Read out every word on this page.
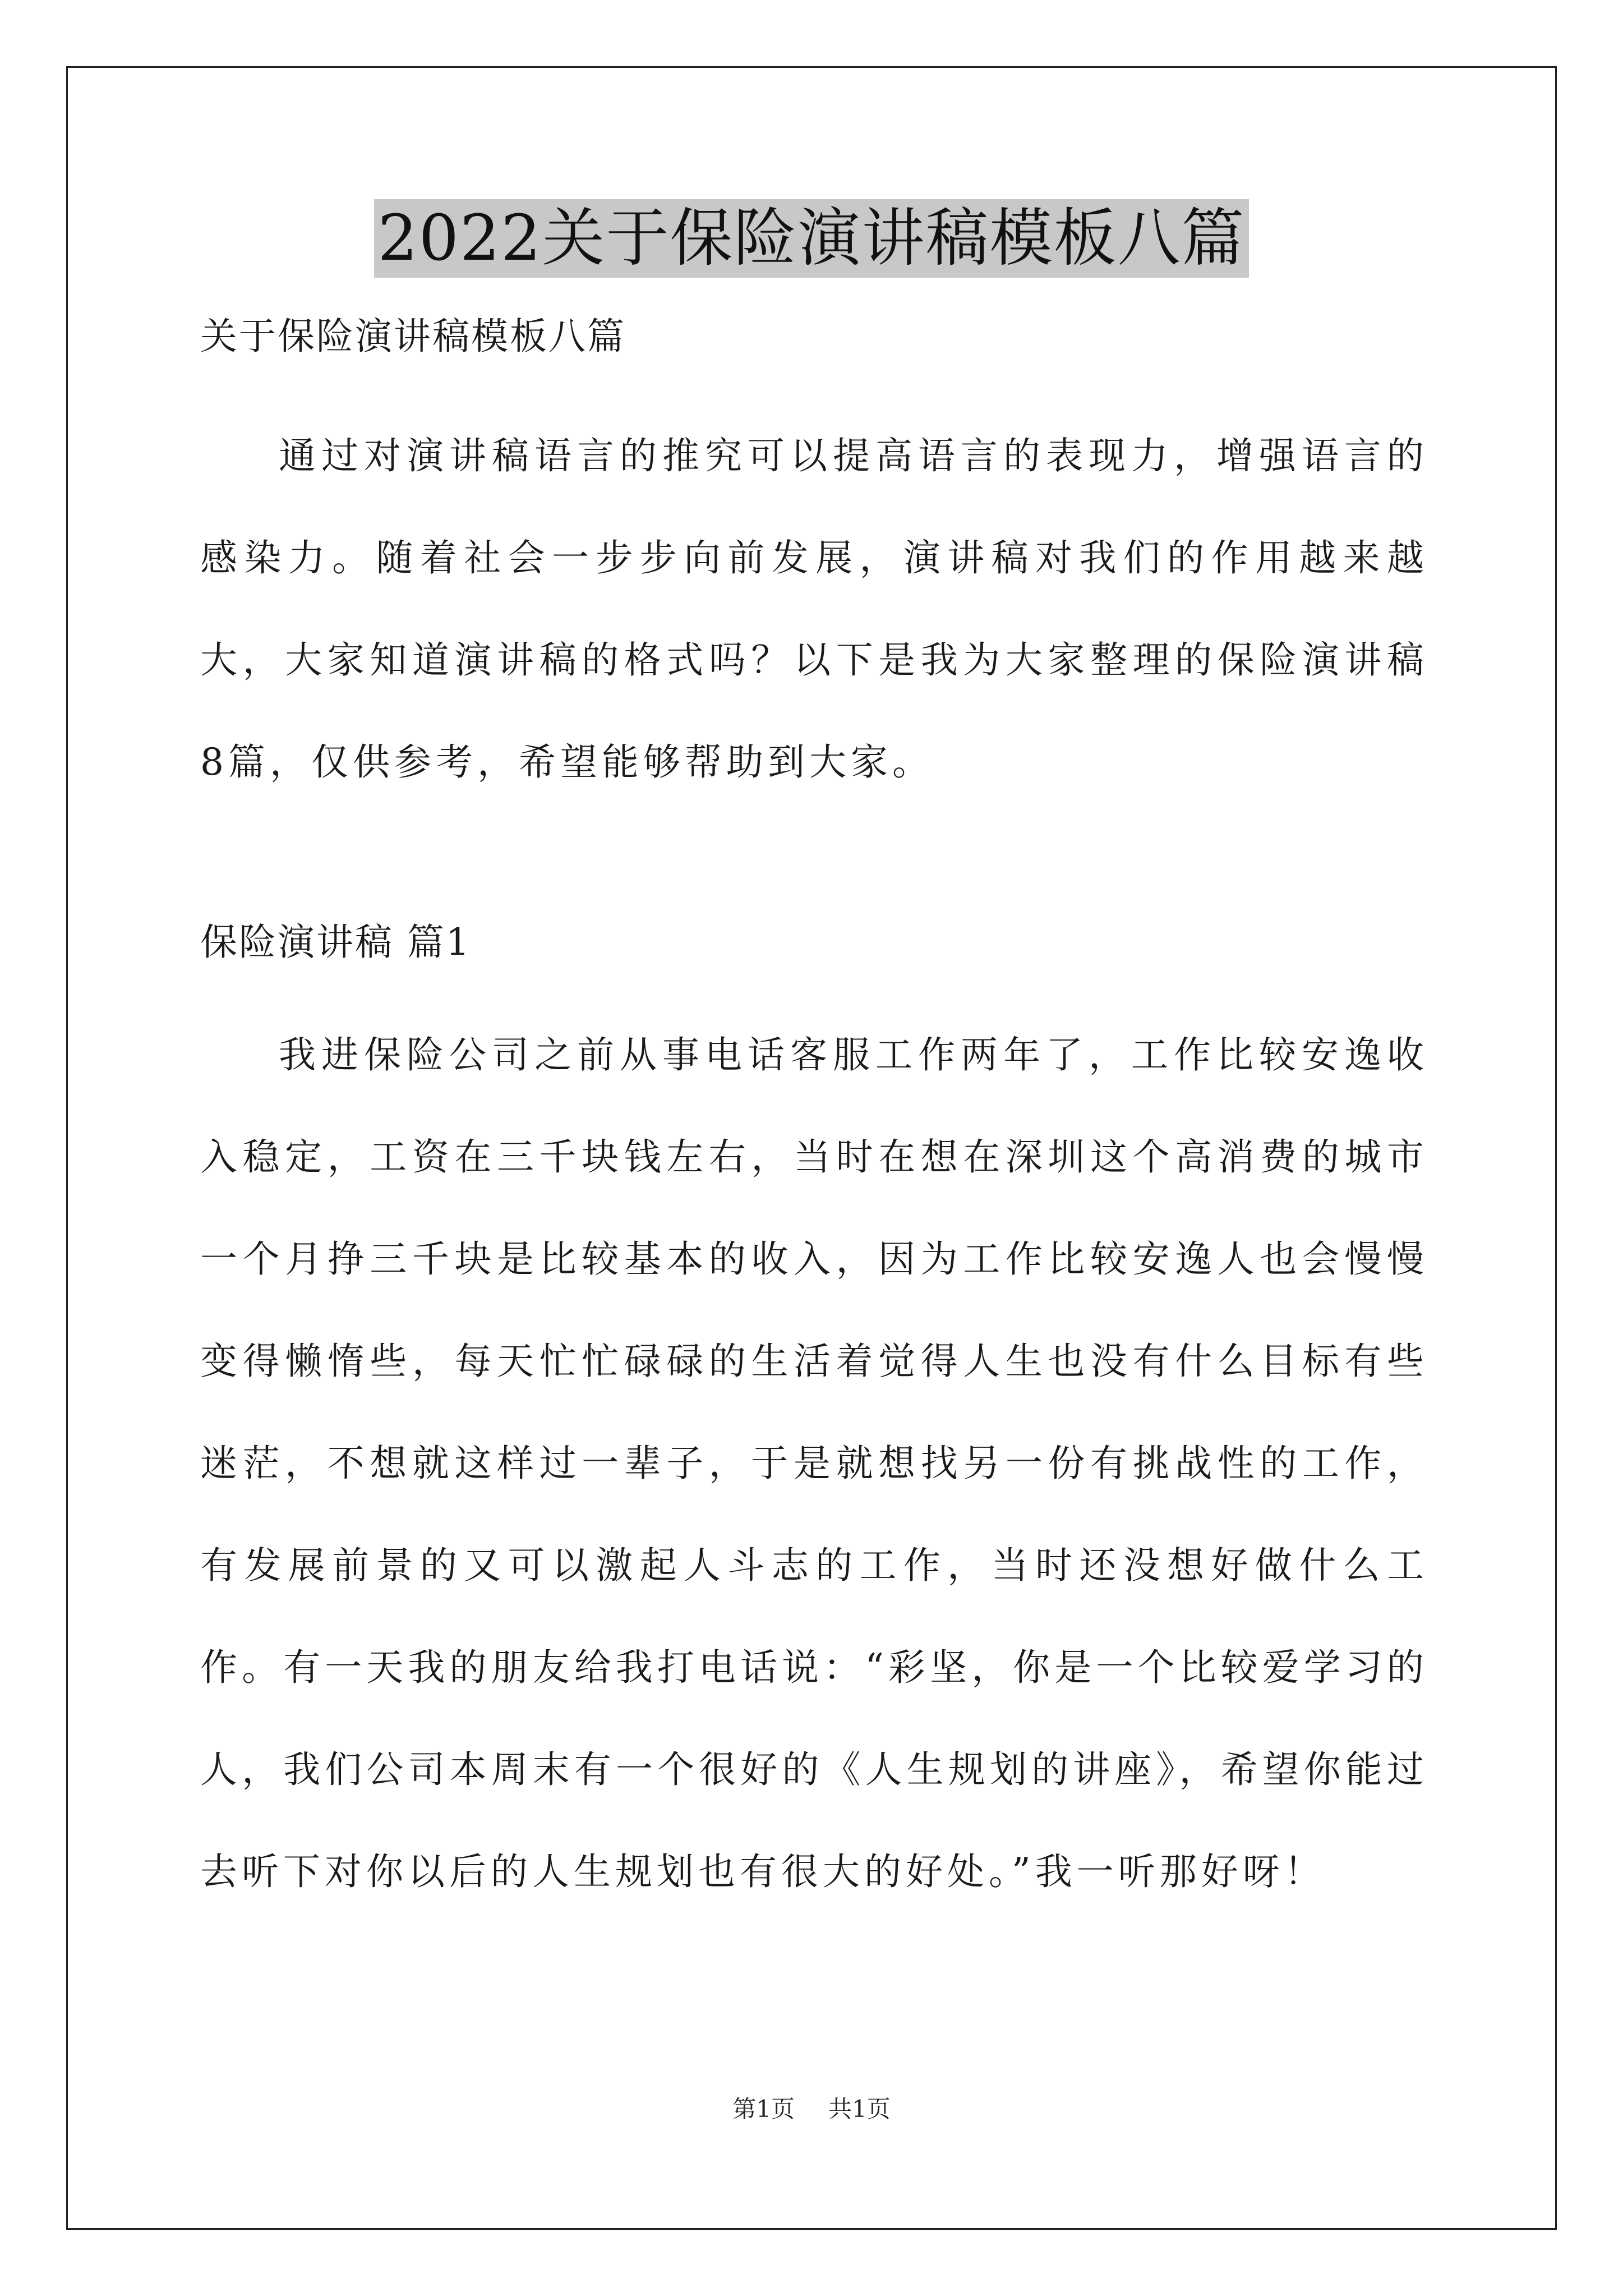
2022关于保险演讲稿模板八篇

关于保险演讲稿模板八篇

通过对演讲稿语言的推究可以提高语言的表现力，增强语言的感染力。随着社会一步步向前发展，演讲稿对我们的作用越来越大，大家知道演讲稿的格式吗？以下是我为大家整理的保险演讲稿8篇，仅供参考，希望能够帮助到大家。

保险演讲稿 篇1

我进保险公司之前从事电话客服工作两年了，工作比较安逸收入稳定，工资在三千块钱左右，当时在想在深圳这个高消费的城市一个月挣三千块是比较基本的收入，因为工作比较安逸人也会慢慢变得懒惰些，每天忙忙碌碌的生活着觉得人生也没有什么目标有些迷茫，不想就这样过一辈子，于是就想找另一份有挑战性的工作，有发展前景的又可以激起人斗志的工作，当时还没想好做什么工作。有一天我的朋友给我打电话说：“彩坚，你是一个比较爱学习的人，我们公司本周末有一个很好的《人生规划的讲座》，希望你能过去听下对你以后的人生规划也有很大的好处。”我一听那好呀！

第1页 共1页
